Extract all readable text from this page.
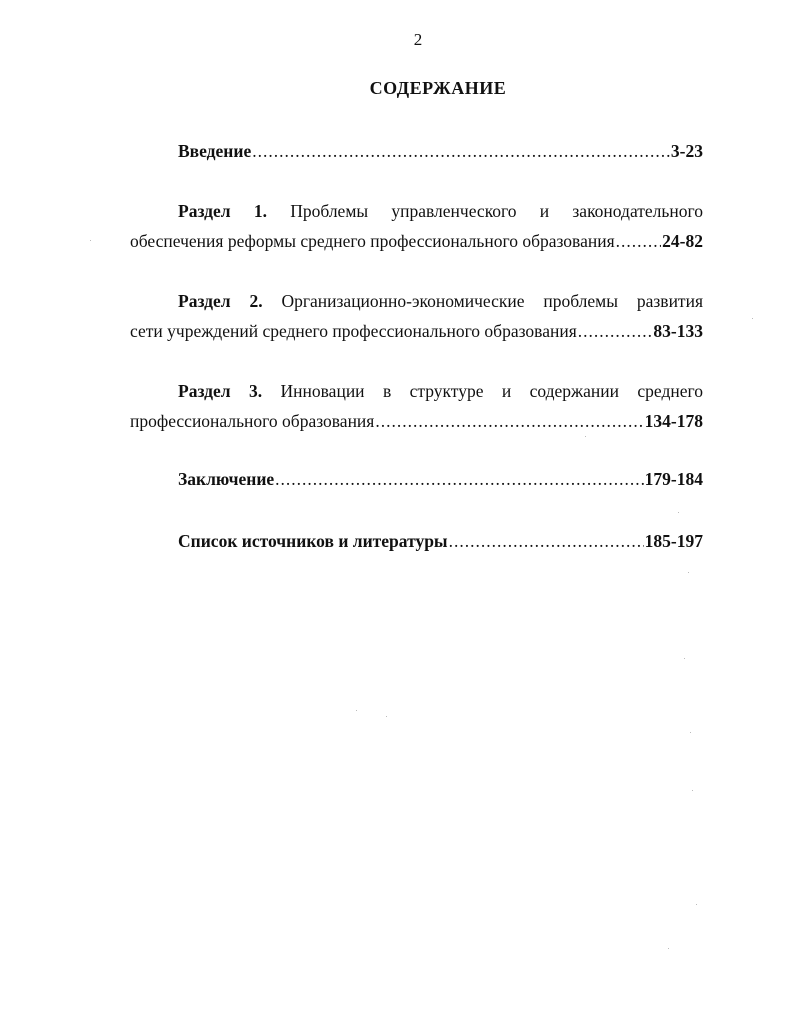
2
СОДЕРЖАНИЕ
Введение .....	3-23
Раздел 1. Проблемы управленческого и законодательного
обеспечения реформы среднего профессионального образования .....	24-82
Раздел 2. Организационно-экономические проблемы развития
сети учреждений среднего профессионального образования .....	83-133
Раздел 3. Инновации в структуре и содержании среднего
профессионального образования .....	134-178
Заключение .....	179-184
Список источников и литературы .....	185-197
